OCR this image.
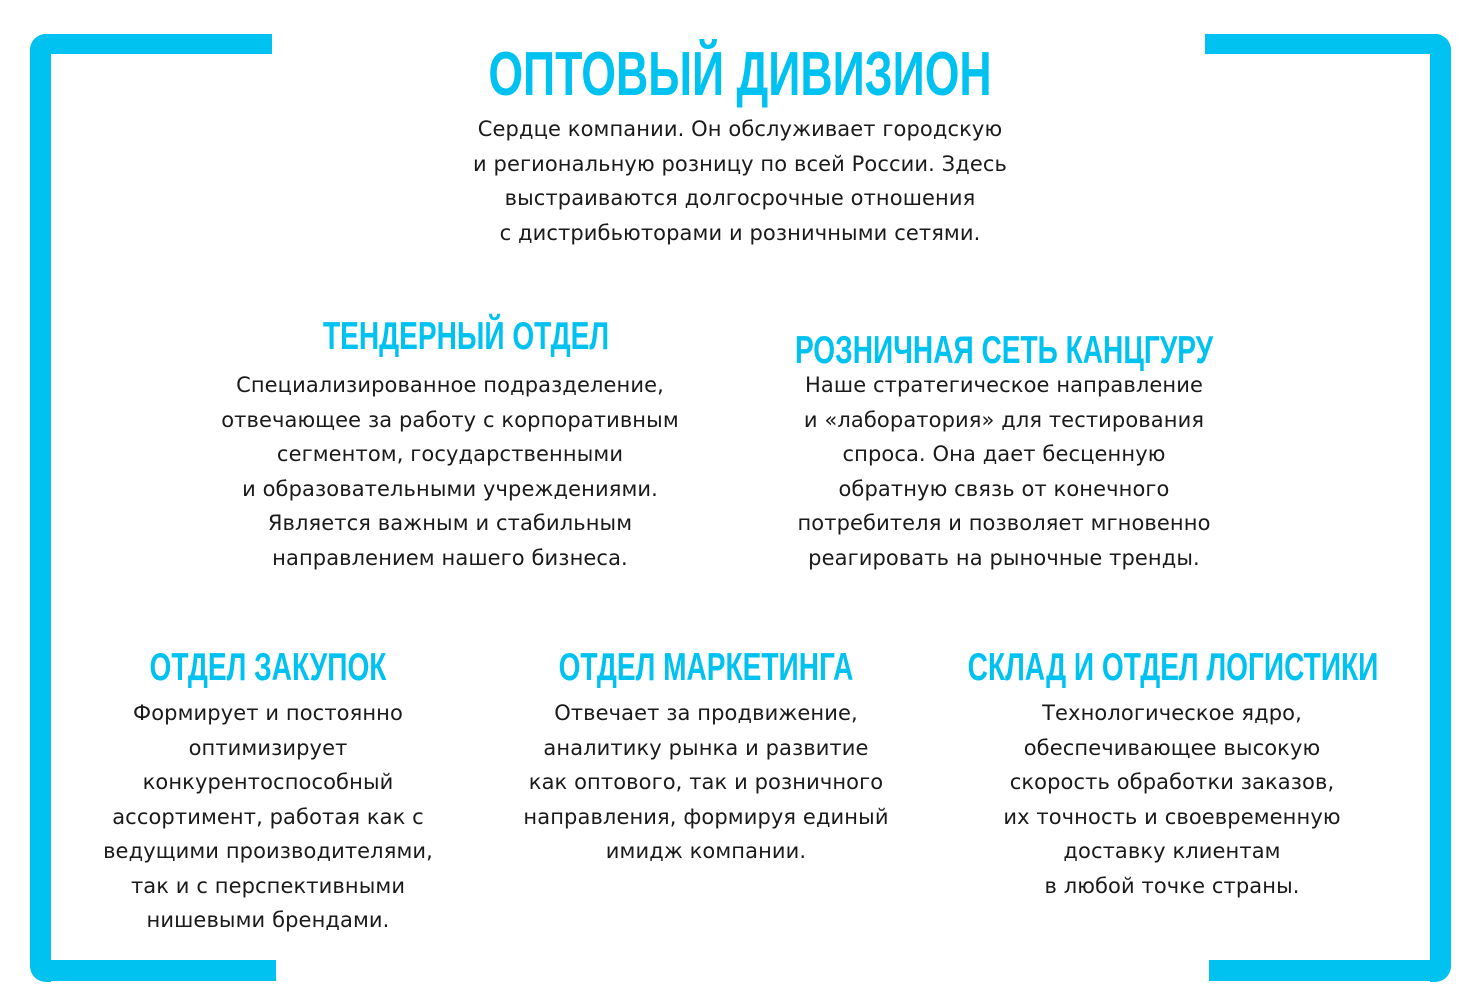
ОПТОВЫЙ ДИВИЗИОН
Сердце компании. Он обслуживает городскую
и региональную розницу по всей России. Здесь
выстраиваются долгосрочные отношения
с дистрибьюторами и розничными сетями.
ТЕНДЕРНЫЙ ОТДЕЛ
Специализированное подразделение,
отвечающее за работу с корпоративным
сегментом, государственными
и образовательными учреждениями.
Является важным и стабильным
направлением нашего бизнеса.
РОЗНИЧНАЯ СЕТЬ КАНЦГУРУ
Наше стратегическое направление
и «лаборатория» для тестирования
спроса. Она дает бесценную
обратную связь от конечного
потребителя и позволяет мгновенно
реагировать на рыночные тренды.
ОТДЕЛ ЗАКУПОК
Формирует и постоянно
оптимизирует
конкурентоспособный
ассортимент, работая как с
ведущими производителями,
так и с перспективными
нишевыми брендами.
ОТДЕЛ МАРКЕТИНГА
Отвечает за продвижение,
аналитику рынка и развитие
как оптового, так и розничного
направления, формируя единый
имидж компании.
СКЛАД И ОТДЕЛ ЛОГИСТИКИ
Технологическое ядро,
обеспечивающее высокую
скорость обработки заказов,
их точность и своевременную
доставку клиентам
в любой точке страны.
